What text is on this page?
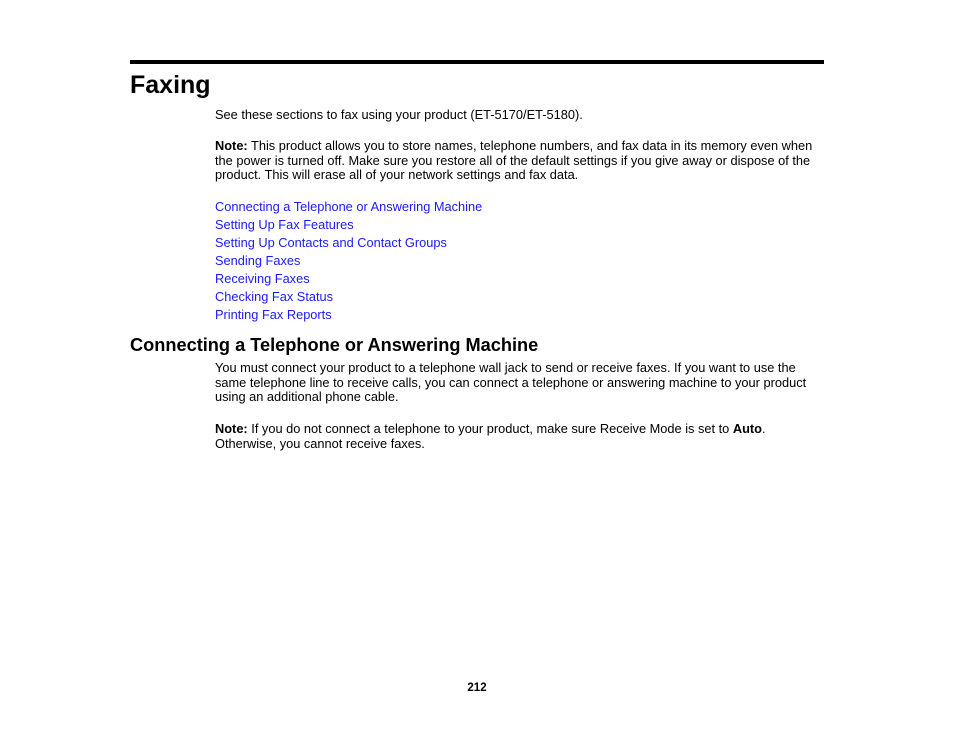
Faxing

See these sections to fax using your product (ET-5170/ET-5180).

Note: This product allows you to store names, telephone numbers, and fax data in its memory even when the power is turned off. Make sure you restore all of the default settings if you give away or dispose of the product. This will erase all of your network settings and fax data.

Connecting a Telephone or Answering Machine
Setting Up Fax Features
Setting Up Contacts and Contact Groups
Sending Faxes
Receiving Faxes
Checking Fax Status
Printing Fax Reports
Connecting a Telephone or Answering Machine

You must connect your product to a telephone wall jack to send or receive faxes. If you want to use the same telephone line to receive calls, you can connect a telephone or answering machine to your product using an additional phone cable.

Note: If you do not connect a telephone to your product, make sure Receive Mode is set to Auto. Otherwise, you cannot receive faxes.

212
